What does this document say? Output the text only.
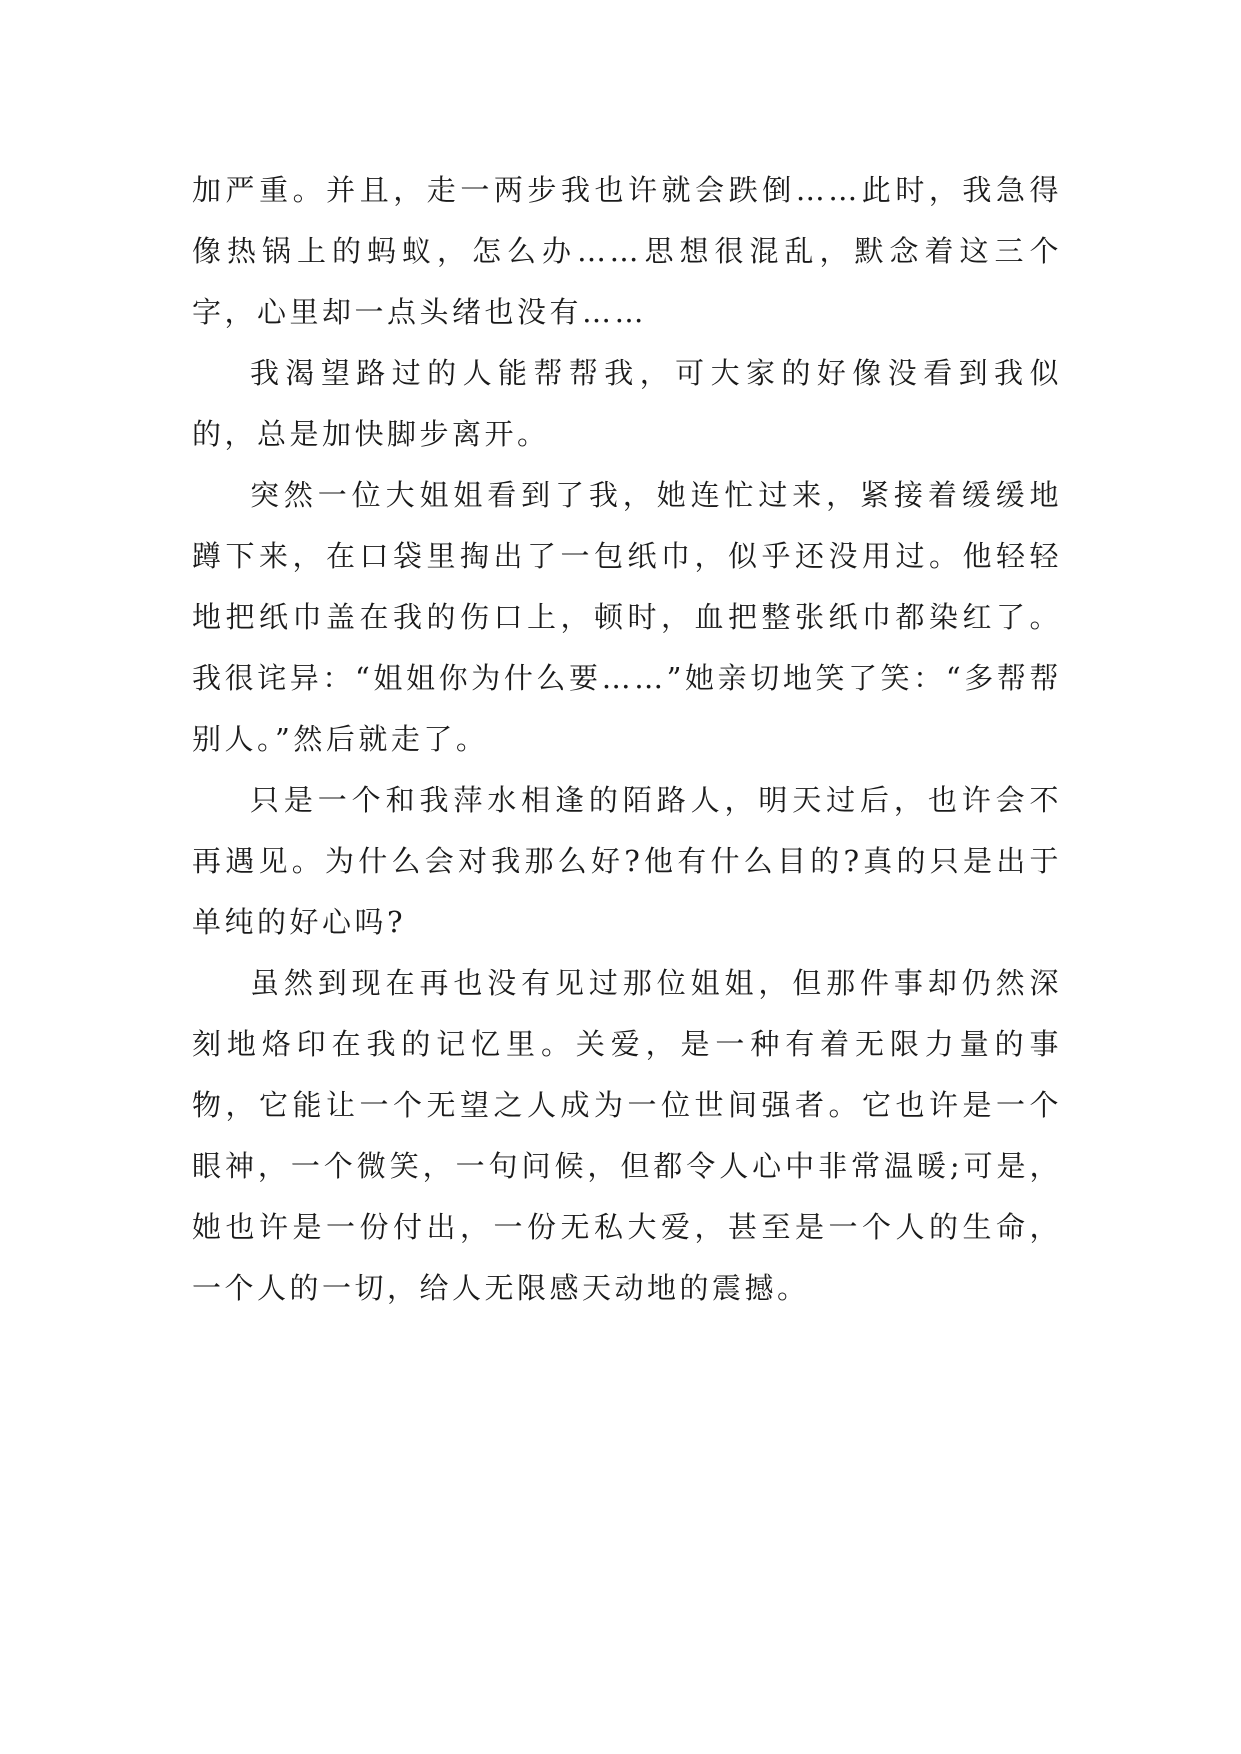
加严重。并且，走一两步我也许就会跌倒……此时，我急得像热锅上的蚂蚁，怎么办……思想很混乱，默念着这三个字，心里却一点头绪也没有……

我渴望路过的人能帮帮我，可大家的好像没看到我似的，总是加快脚步离开。

突然一位大姐姐看到了我，她连忙过来，紧接着缓缓地蹲下来，在口袋里掏出了一包纸巾，似乎还没用过。他轻轻地把纸巾盖在我的伤口上，顿时，血把整张纸巾都染红了。我很诧异：“姐姐你为什么要……”她亲切地笑了笑：“多帮帮别人。”然后就走了。

只是一个和我萍水相逢的陌路人，明天过后，也许会不再遇见。为什么会对我那么好?他有什么目的?真的只是出于单纯的好心吗?

虽然到现在再也没有见过那位姐姐，但那件事却仍然深刻地烙印在我的记忆里。关爱，是一种有着无限力量的事物，它能让一个无望之人成为一位世间强者。它也许是一个眼神，一个微笑，一句问候，但都令人心中非常温暖;可是，她也许是一份付出，一份无私大爱，甚至是一个人的生命，一个人的一切，给人无限感天动地的震撼。
